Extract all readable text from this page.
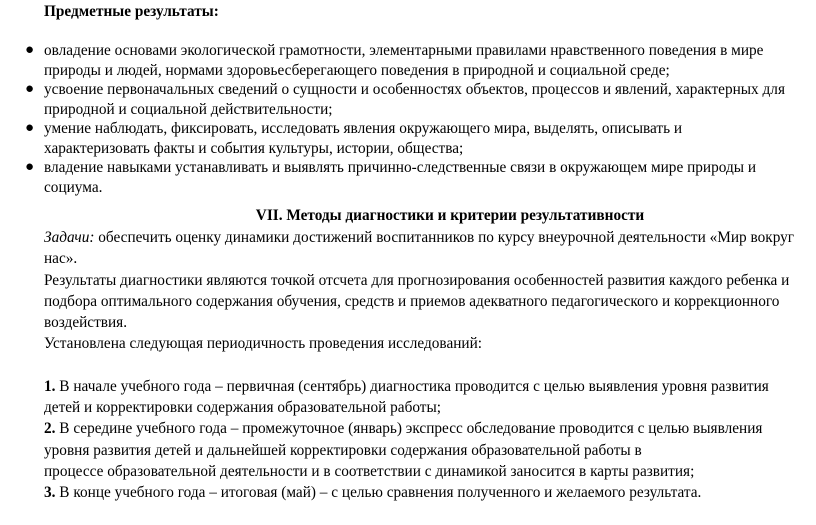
Предметные результаты:
● овладение основами экологической грамотности, элементарными правилами нравственного поведения в мире
природы и людей, нормами здоровьесберегающего поведения в природной и социальной среде;
● усвоение первоначальных сведений о сущности и особенностях объектов, процессов и явлений, характерных для
природной и социальной действительности;
● умение наблюдать, фиксировать, исследовать явления окружающего мира, выделять, описывать и
характеризовать факты и события культуры, истории, общества;
● владение навыками устанавливать и выявлять причинно-следственные связи в окружающем мире природы и
социума.
VII. Методы диагностики и критерии результативности

Задачи: обеспечить оценку динамики достижений воспитанников по курсу внеурочной деятельности «Мир вокруг
нас».

Результаты диагностики являются точкой отсчета для прогнозирования особенностей развития каждого ребенка и
подбора оптимального содержания обучения, средств и приемов адекватного педагогического и коррекционного
воздействия.

Установлена следующая периодичность проведения исследований:

1. В начале учебного года – первичная (сентябрь) диагностика проводится с целью выявления уровня развития
детей и корректировки содержания образовательной работы;

2. В середине учебного года – промежуточное (январь) экспресс обследование проводится с целью выявления
уровня развития детей и дальнейшей корректировки содержания образовательной работы в
процессе образовательной деятельности и в соответствии с динамикой заносится в карты развития;

3. В конце учебного года – итоговая (май) – с целью сравнения полученного и желаемого результата.
